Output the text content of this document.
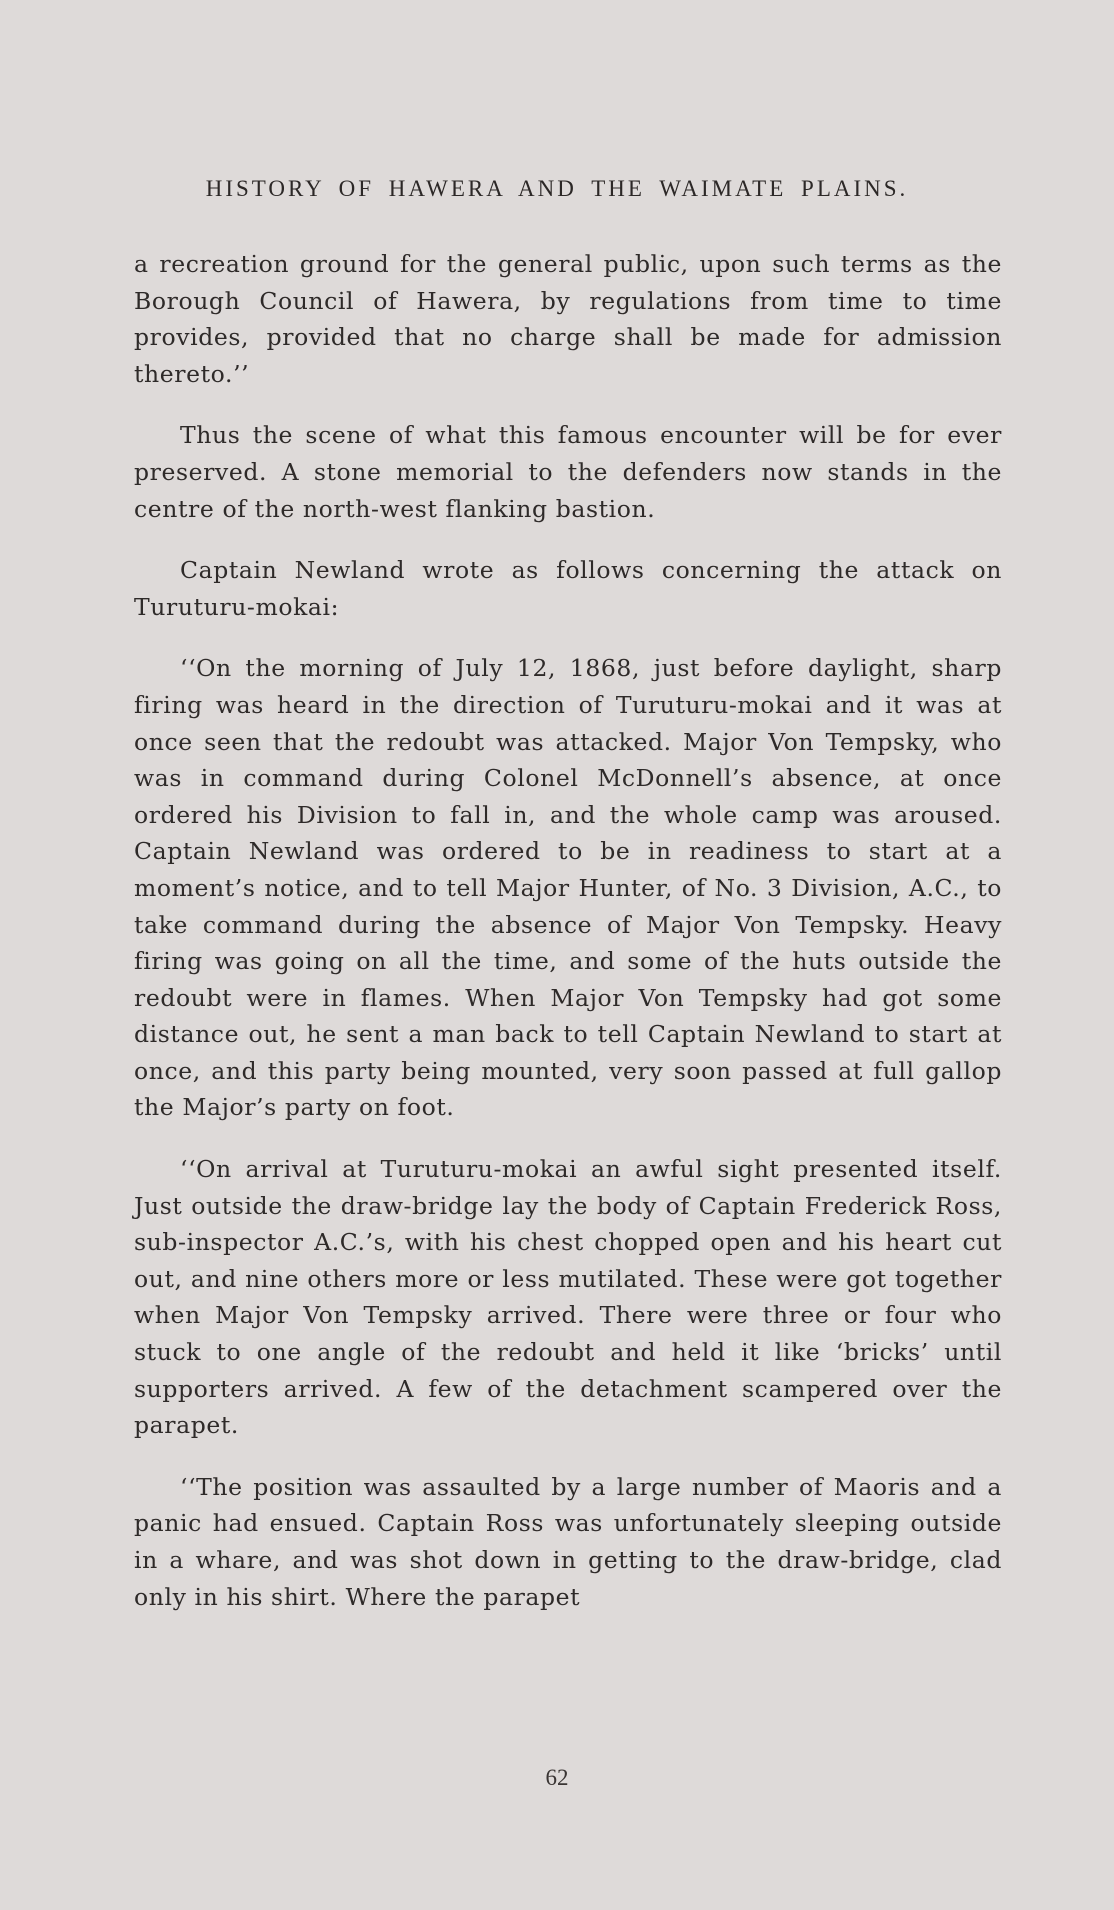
HISTORY OF HAWERA AND THE WAIMATE PLAINS.

a recreation ground for the general public, upon such terms as the Borough Council of Hawera, by regulations from time to time provides, provided that no charge shall be made for admission thereto.’’

Thus the scene of what this famous encounter will be for ever preserved. A stone memorial to the defenders now stands in the centre of the north-west flanking bastion.

Captain Newland wrote as follows concerning the attack on Turuturu-mokai:

‘‘On the morning of July 12, 1868, just before daylight, sharp firing was heard in the direction of Turuturu-mokai and it was at once seen that the redoubt was attacked. Major Von Tempsky, who was in command during Colonel McDonnell’s absence, at once ordered his Division to fall in, and the whole camp was aroused. Captain Newland was ordered to be in readiness to start at a moment’s notice, and to tell Major Hunter, of No. 3 Division, A.C., to take command during the absence of Major Von Tempsky. Heavy firing was going on all the time, and some of the huts outside the redoubt were in flames. When Major Von Tempsky had got some distance out, he sent a man back to tell Captain Newland to start at once, and this party being mounted, very soon passed at full gallop the Major’s party on foot.

‘‘On arrival at Turuturu-mokai an awful sight presented itself. Just outside the draw-bridge lay the body of Captain Frederick Ross, sub-inspector A.C.’s, with his chest chopped open and his heart cut out, and nine others more or less mutilated. These were got together when Major Von Tempsky arrived. There were three or four who stuck to one angle of the redoubt and held it like ‘bricks’ until supporters arrived. A few of the detachment scampered over the parapet.

‘‘The position was assaulted by a large number of Maoris and a panic had ensued. Captain Ross was unfortunately sleeping outside in a whare, and was shot down in getting to the draw-bridge, clad only in his shirt. Where the parapet

62
